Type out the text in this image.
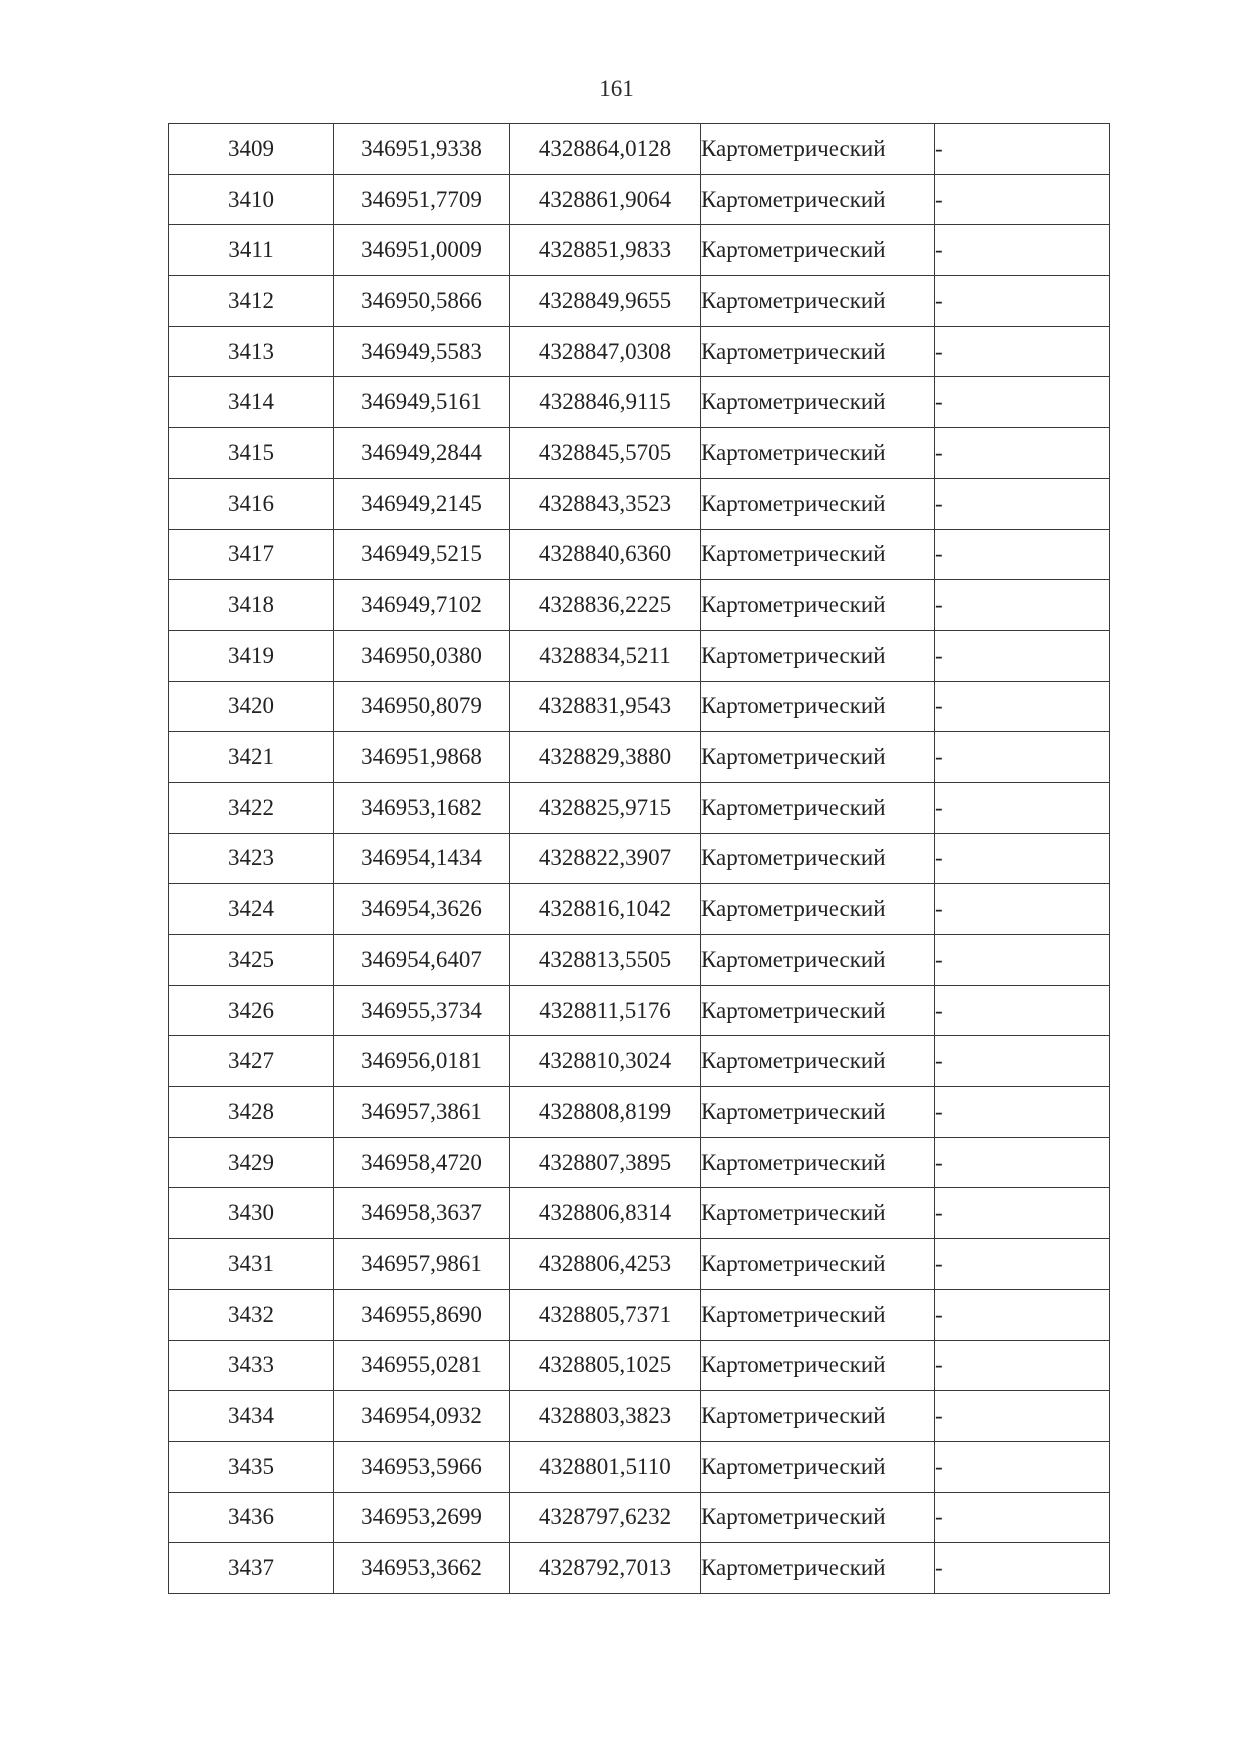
161
3409	346951,9338	4328864,0128	Картометрический	-
3410	346951,7709	4328861,9064	Картометрический	-
3411	346951,0009	4328851,9833	Картометрический	-
3412	346950,5866	4328849,9655	Картометрический	-
3413	346949,5583	4328847,0308	Картометрический	-
3414	346949,5161	4328846,9115	Картометрический	-
3415	346949,2844	4328845,5705	Картометрический	-
3416	346949,2145	4328843,3523	Картометрический	-
3417	346949,5215	4328840,6360	Картометрический	-
3418	346949,7102	4328836,2225	Картометрический	-
3419	346950,0380	4328834,5211	Картометрический	-
3420	346950,8079	4328831,9543	Картометрический	-
3421	346951,9868	4328829,3880	Картометрический	-
3422	346953,1682	4328825,9715	Картометрический	-
3423	346954,1434	4328822,3907	Картометрический	-
3424	346954,3626	4328816,1042	Картометрический	-
3425	346954,6407	4328813,5505	Картометрический	-
3426	346955,3734	4328811,5176	Картометрический	-
3427	346956,0181	4328810,3024	Картометрический	-
3428	346957,3861	4328808,8199	Картометрический	-
3429	346958,4720	4328807,3895	Картометрический	-
3430	346958,3637	4328806,8314	Картометрический	-
3431	346957,9861	4328806,4253	Картометрический	-
3432	346955,8690	4328805,7371	Картометрический	-
3433	346955,0281	4328805,1025	Картометрический	-
3434	346954,0932	4328803,3823	Картометрический	-
3435	346953,5966	4328801,5110	Картометрический	-
3436	346953,2699	4328797,6232	Картометрический	-
3437	346953,3662	4328792,7013	Картометрический	-
